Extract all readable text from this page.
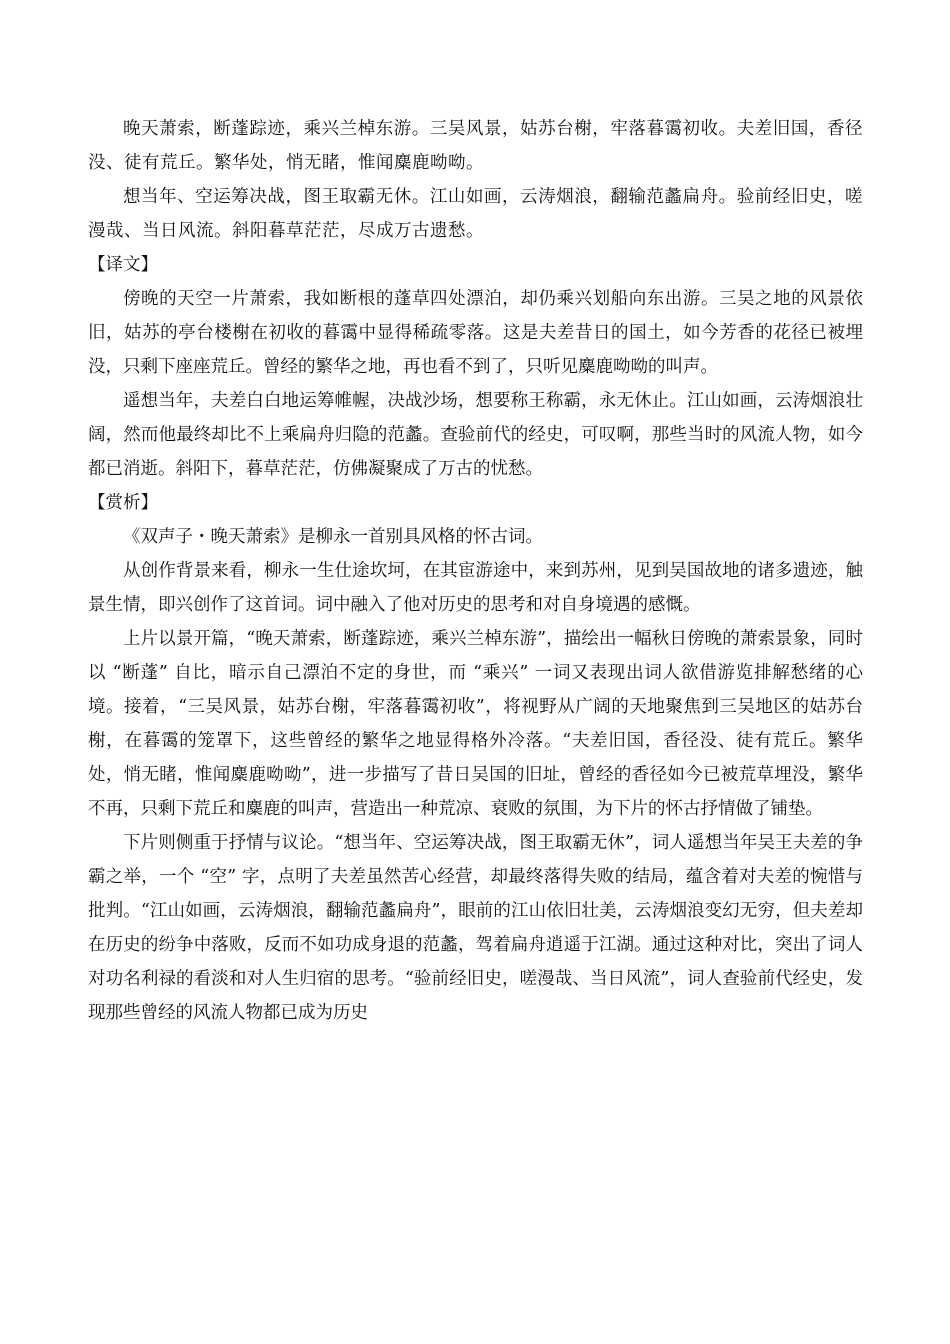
晚天萧索，断蓬踪迹，乘兴兰棹东游。三吴风景，姑苏台榭，牢落暮霭初收。夫差旧国，香径没、徒有荒丘。繁华处，悄无睹，惟闻麋鹿呦呦。

想当年、空运筹决战，图王取霸无休。江山如画，云涛烟浪，翻输范蠡扁舟。验前经旧史，嗟漫哉、当日风流。斜阳暮草茫茫，尽成万古遗愁。

【译文】

傍晚的天空一片萧索，我如断根的蓬草四处漂泊，却仍乘兴划船向东出游。三吴之地的风景依旧，姑苏的亭台楼榭在初收的暮霭中显得稀疏零落。这是夫差昔日的国土，如今芳香的花径已被埋没，只剩下座座荒丘。曾经的繁华之地，再也看不到了，只听见麋鹿呦呦的叫声。

遥想当年，夫差白白地运筹帷幄，决战沙场，想要称王称霸，永无休止。江山如画，云涛烟浪壮阔，然而他最终却比不上乘扁舟归隐的范蠡。查验前代的经史，可叹啊，那些当时的风流人物，如今都已消逝。斜阳下，暮草茫茫，仿佛凝聚成了万古的忧愁。

【赏析】

《双声子・晚天萧索》是柳永一首别具风格的怀古词。

从创作背景来看，柳永一生仕途坎坷，在其宦游途中，来到苏州，见到吴国故地的诸多遗迹，触景生情，即兴创作了这首词。词中融入了他对历史的思考和对自身境遇的感慨。

上片以景开篇，“晚天萧索，断蓬踪迹，乘兴兰棹东游”，描绘出一幅秋日傍晚的萧索景象，同时以 “断蓬” 自比，暗示自己漂泊不定的身世，而 “乘兴” 一词又表现出词人欲借游览排解愁绪的心境。接着，“三吴风景，姑苏台榭，牢落暮霭初收”，将视野从广阔的天地聚焦到三吴地区的姑苏台榭，在暮霭的笼罩下，这些曾经的繁华之地显得格外冷落。“夫差旧国，香径没、徒有荒丘。繁华处，悄无睹，惟闻麋鹿呦呦”，进一步描写了昔日吴国的旧址，曾经的香径如今已被荒草埋没，繁华不再，只剩下荒丘和麋鹿的叫声，营造出一种荒凉、衰败的氛围，为下片的怀古抒情做了铺垫。

下片则侧重于抒情与议论。“想当年、空运筹决战，图王取霸无休”，词人遥想当年吴王夫差的争霸之举，一个 “空” 字，点明了夫差虽然苦心经营，却最终落得失败的结局，蕴含着对夫差的惋惜与批判。“江山如画，云涛烟浪，翻输范蠡扁舟”，眼前的江山依旧壮美，云涛烟浪变幻无穷，但夫差却在历史的纷争中落败，反而不如功成身退的范蠡，驾着扁舟逍遥于江湖。通过这种对比，突出了词人对功名利禄的看淡和对人生归宿的思考。“验前经旧史，嗟漫哉、当日风流”，词人查验前代经史，发现那些曾经的风流人物都已成为历史
